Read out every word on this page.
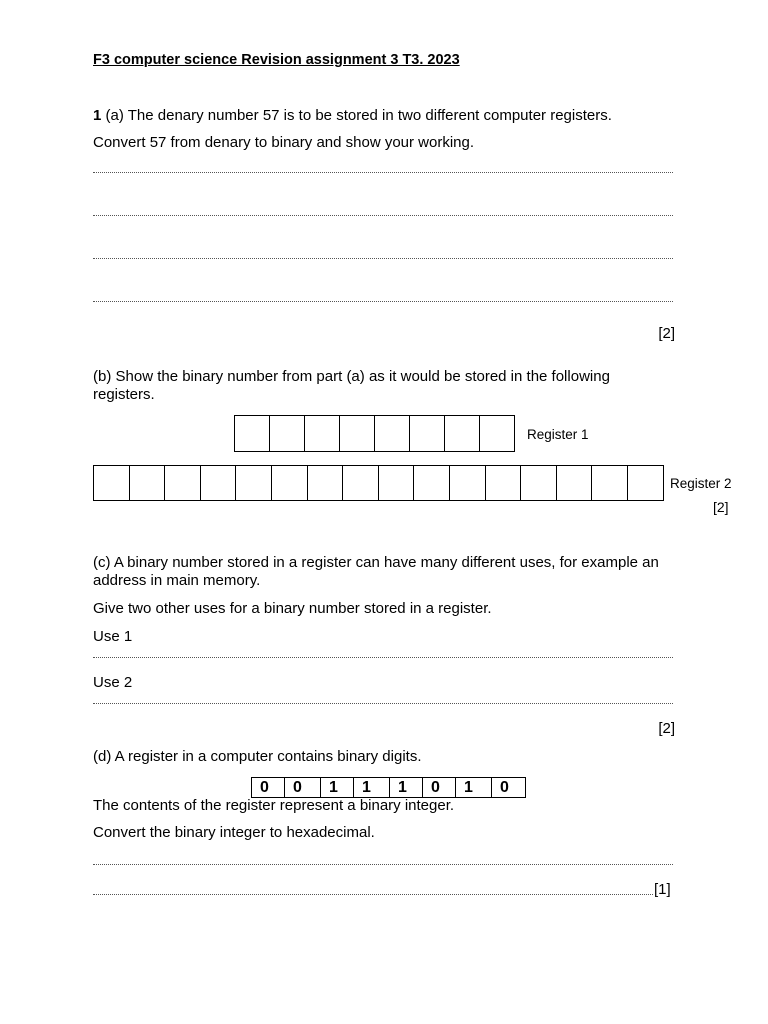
F3 computer science Revision assignment 3 T3. 2023
1 (a) The denary number 57 is to be stored in two different computer registers.
Convert 57 from denary to binary and show your working.
[2]
(b) Show the binary number from part (a) as it would be stored in the following registers.
Register 1
Register 2
[2]
(c) A binary number stored in a register can have many different uses, for example an address in main memory.
Give two other uses for a binary number stored in a register.
Use 1
Use 2
[2]
(d) A register in a computer contains binary digits.
0	0	1	1	1	0	1	0
The contents of the register represent a binary integer.
Convert the binary integer to hexadecimal.
[1]
